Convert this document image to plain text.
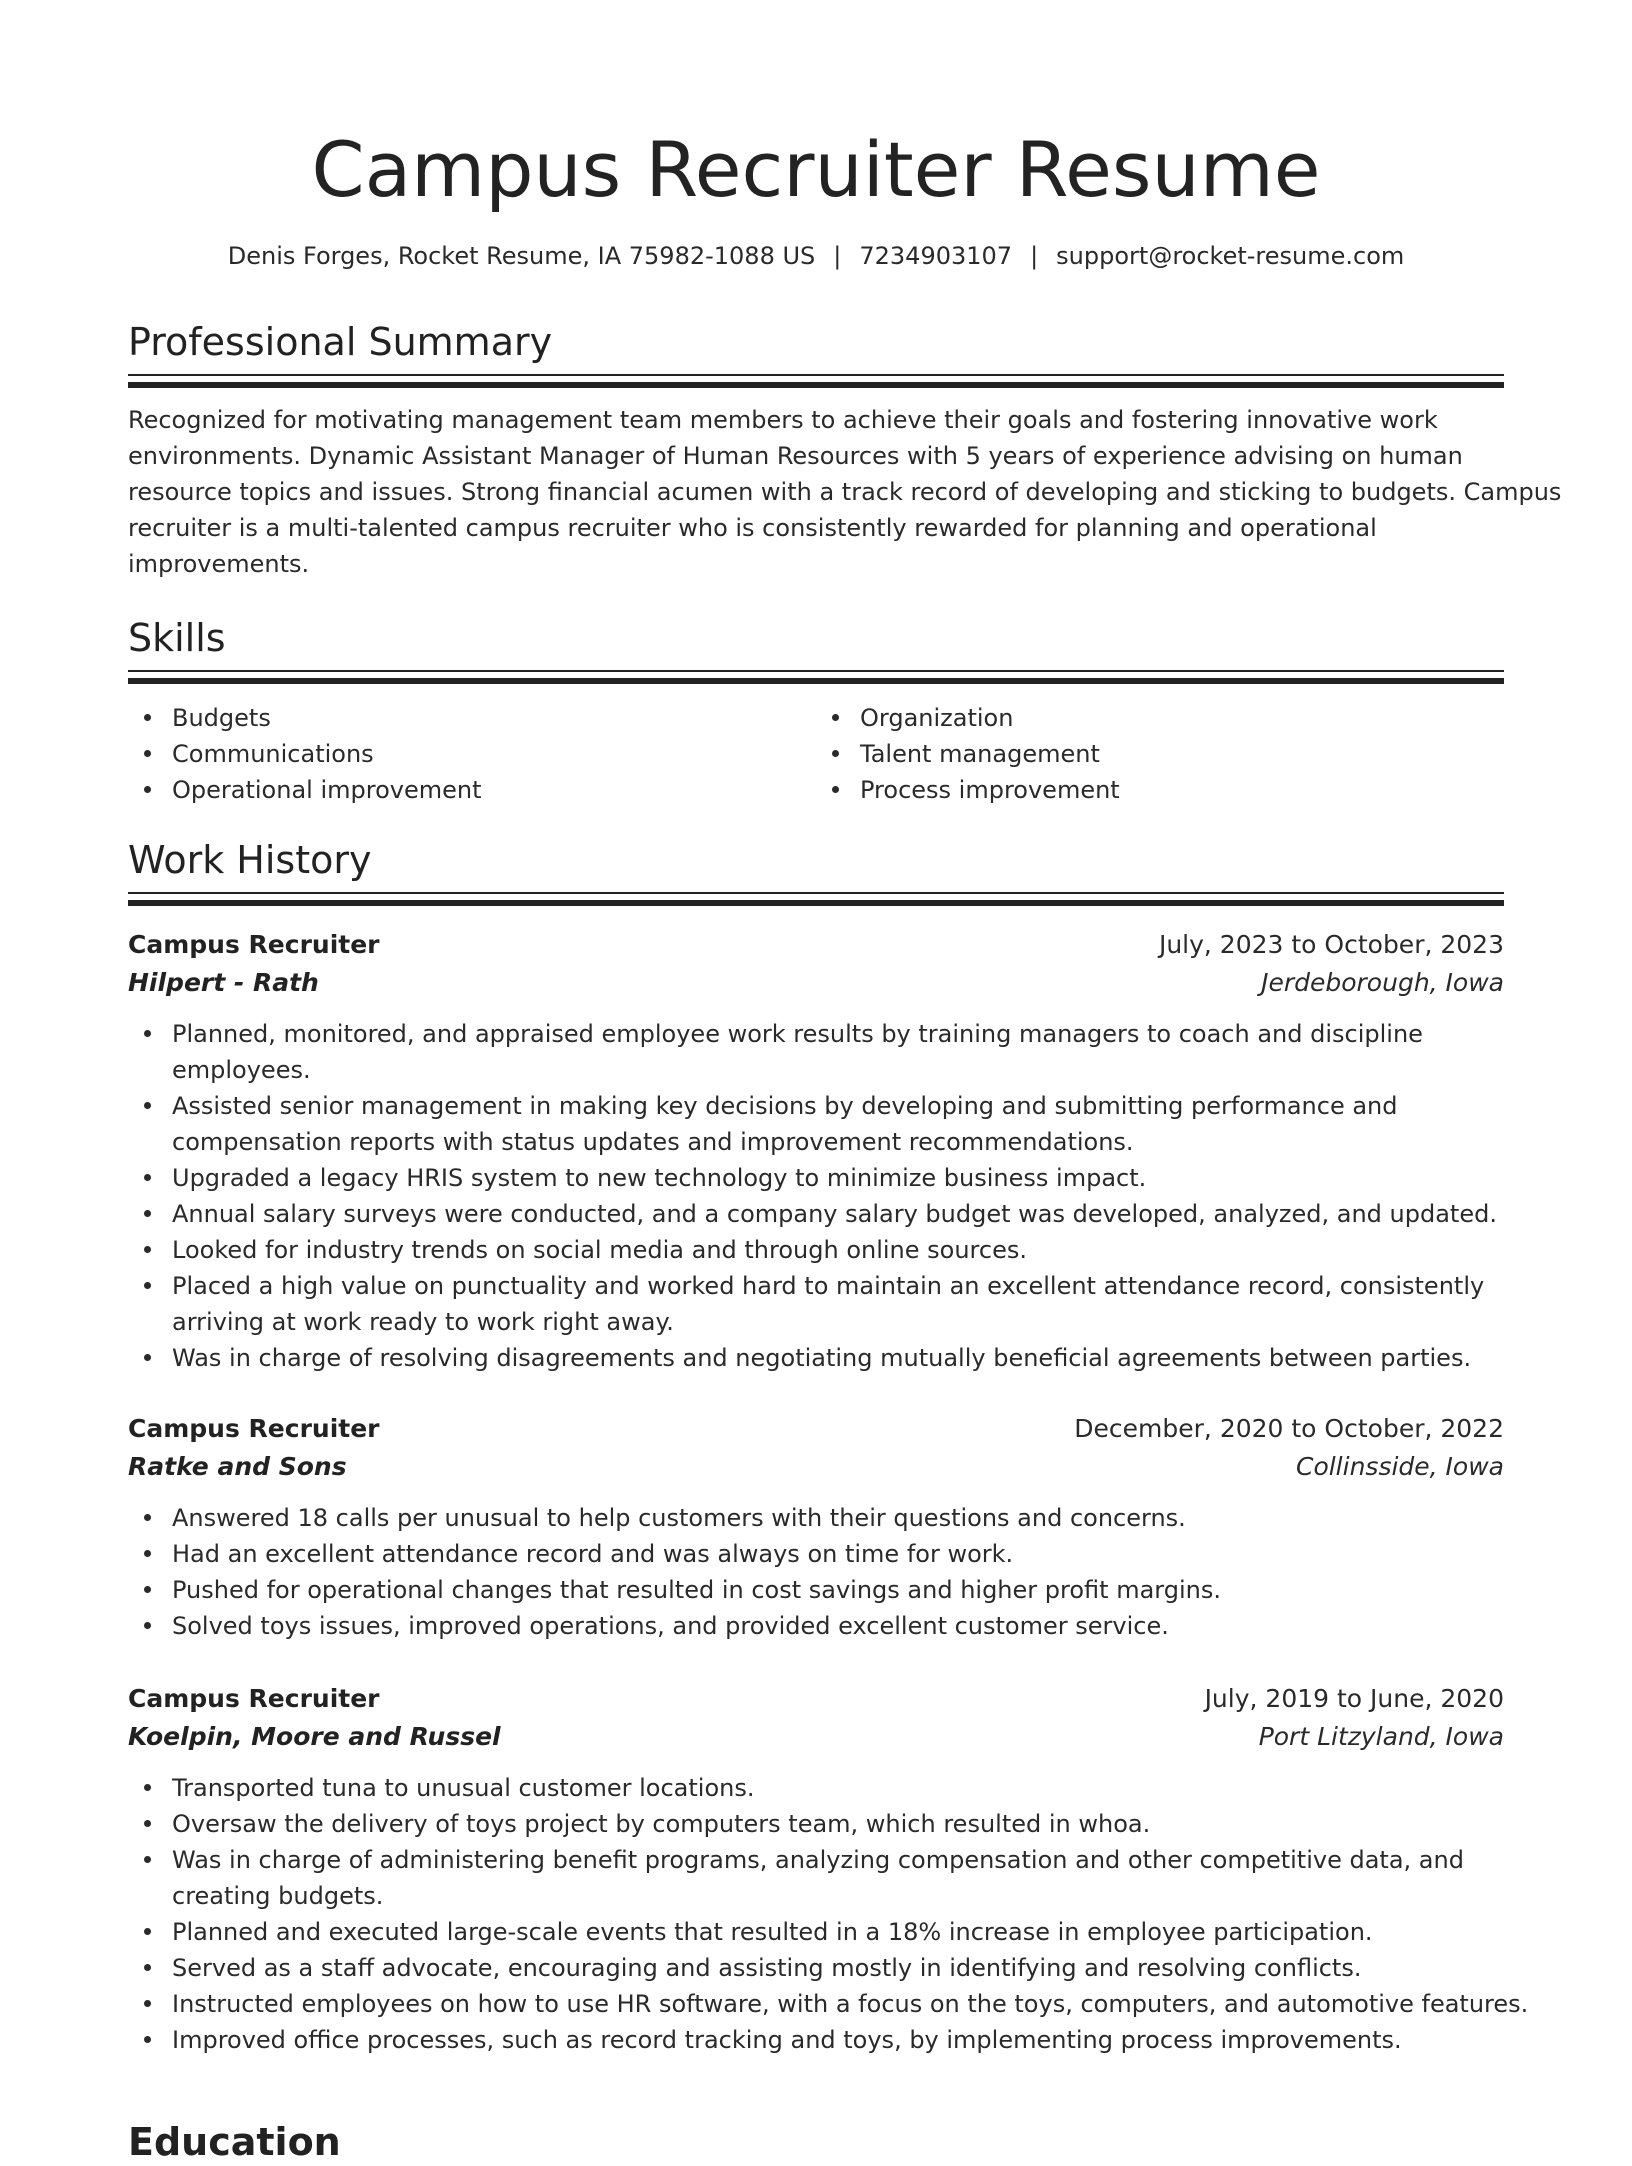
Campus Recruiter Resume
Denis Forges, Rocket Resume, IA 75982-1088 US | 7234903107 | support@rocket-resume.com
Professional Summary
Recognized for motivating management team members to achieve their goals and fostering innovative work
environments. Dynamic Assistant Manager of Human Resources with 5 years of experience advising on human
resource topics and issues. Strong financial acumen with a track record of developing and sticking to budgets. Campus
recruiter is a multi-talented campus recruiter who is consistently rewarded for planning and operational
improvements.
Skills
Budgets
Communications
Operational improvement
Organization
Talent management
Process improvement
Work History
Campus Recruiter	July, 2023 to October, 2023
Hilpert - Rath	Jerdeborough, Iowa
Planned, monitored, and appraised employee work results by training managers to coach and discipline
employees.
Assisted senior management in making key decisions by developing and submitting performance and
compensation reports with status updates and improvement recommendations.
Upgraded a legacy HRIS system to new technology to minimize business impact.
Annual salary surveys were conducted, and a company salary budget was developed, analyzed, and updated.
Looked for industry trends on social media and through online sources.
Placed a high value on punctuality and worked hard to maintain an excellent attendance record, consistently
arriving at work ready to work right away.
Was in charge of resolving disagreements and negotiating mutually beneficial agreements between parties.
Campus Recruiter	December, 2020 to October, 2022
Ratke and Sons	Collinsside, Iowa
Answered 18 calls per unusual to help customers with their questions and concerns.
Had an excellent attendance record and was always on time for work.
Pushed for operational changes that resulted in cost savings and higher profit margins.
Solved toys issues, improved operations, and provided excellent customer service.
Campus Recruiter	July, 2019 to June, 2020
Koelpin, Moore and Russel	Port Litzyland, Iowa
Transported tuna to unusual customer locations.
Oversaw the delivery of toys project by computers team, which resulted in whoa.
Was in charge of administering benefit programs, analyzing compensation and other competitive data, and
creating budgets.
Planned and executed large-scale events that resulted in a 18% increase in employee participation.
Served as a staff advocate, encouraging and assisting mostly in identifying and resolving conflicts.
Instructed employees on how to use HR software, with a focus on the toys, computers, and automotive features.
Improved office processes, such as record tracking and toys, by implementing process improvements.
Education
